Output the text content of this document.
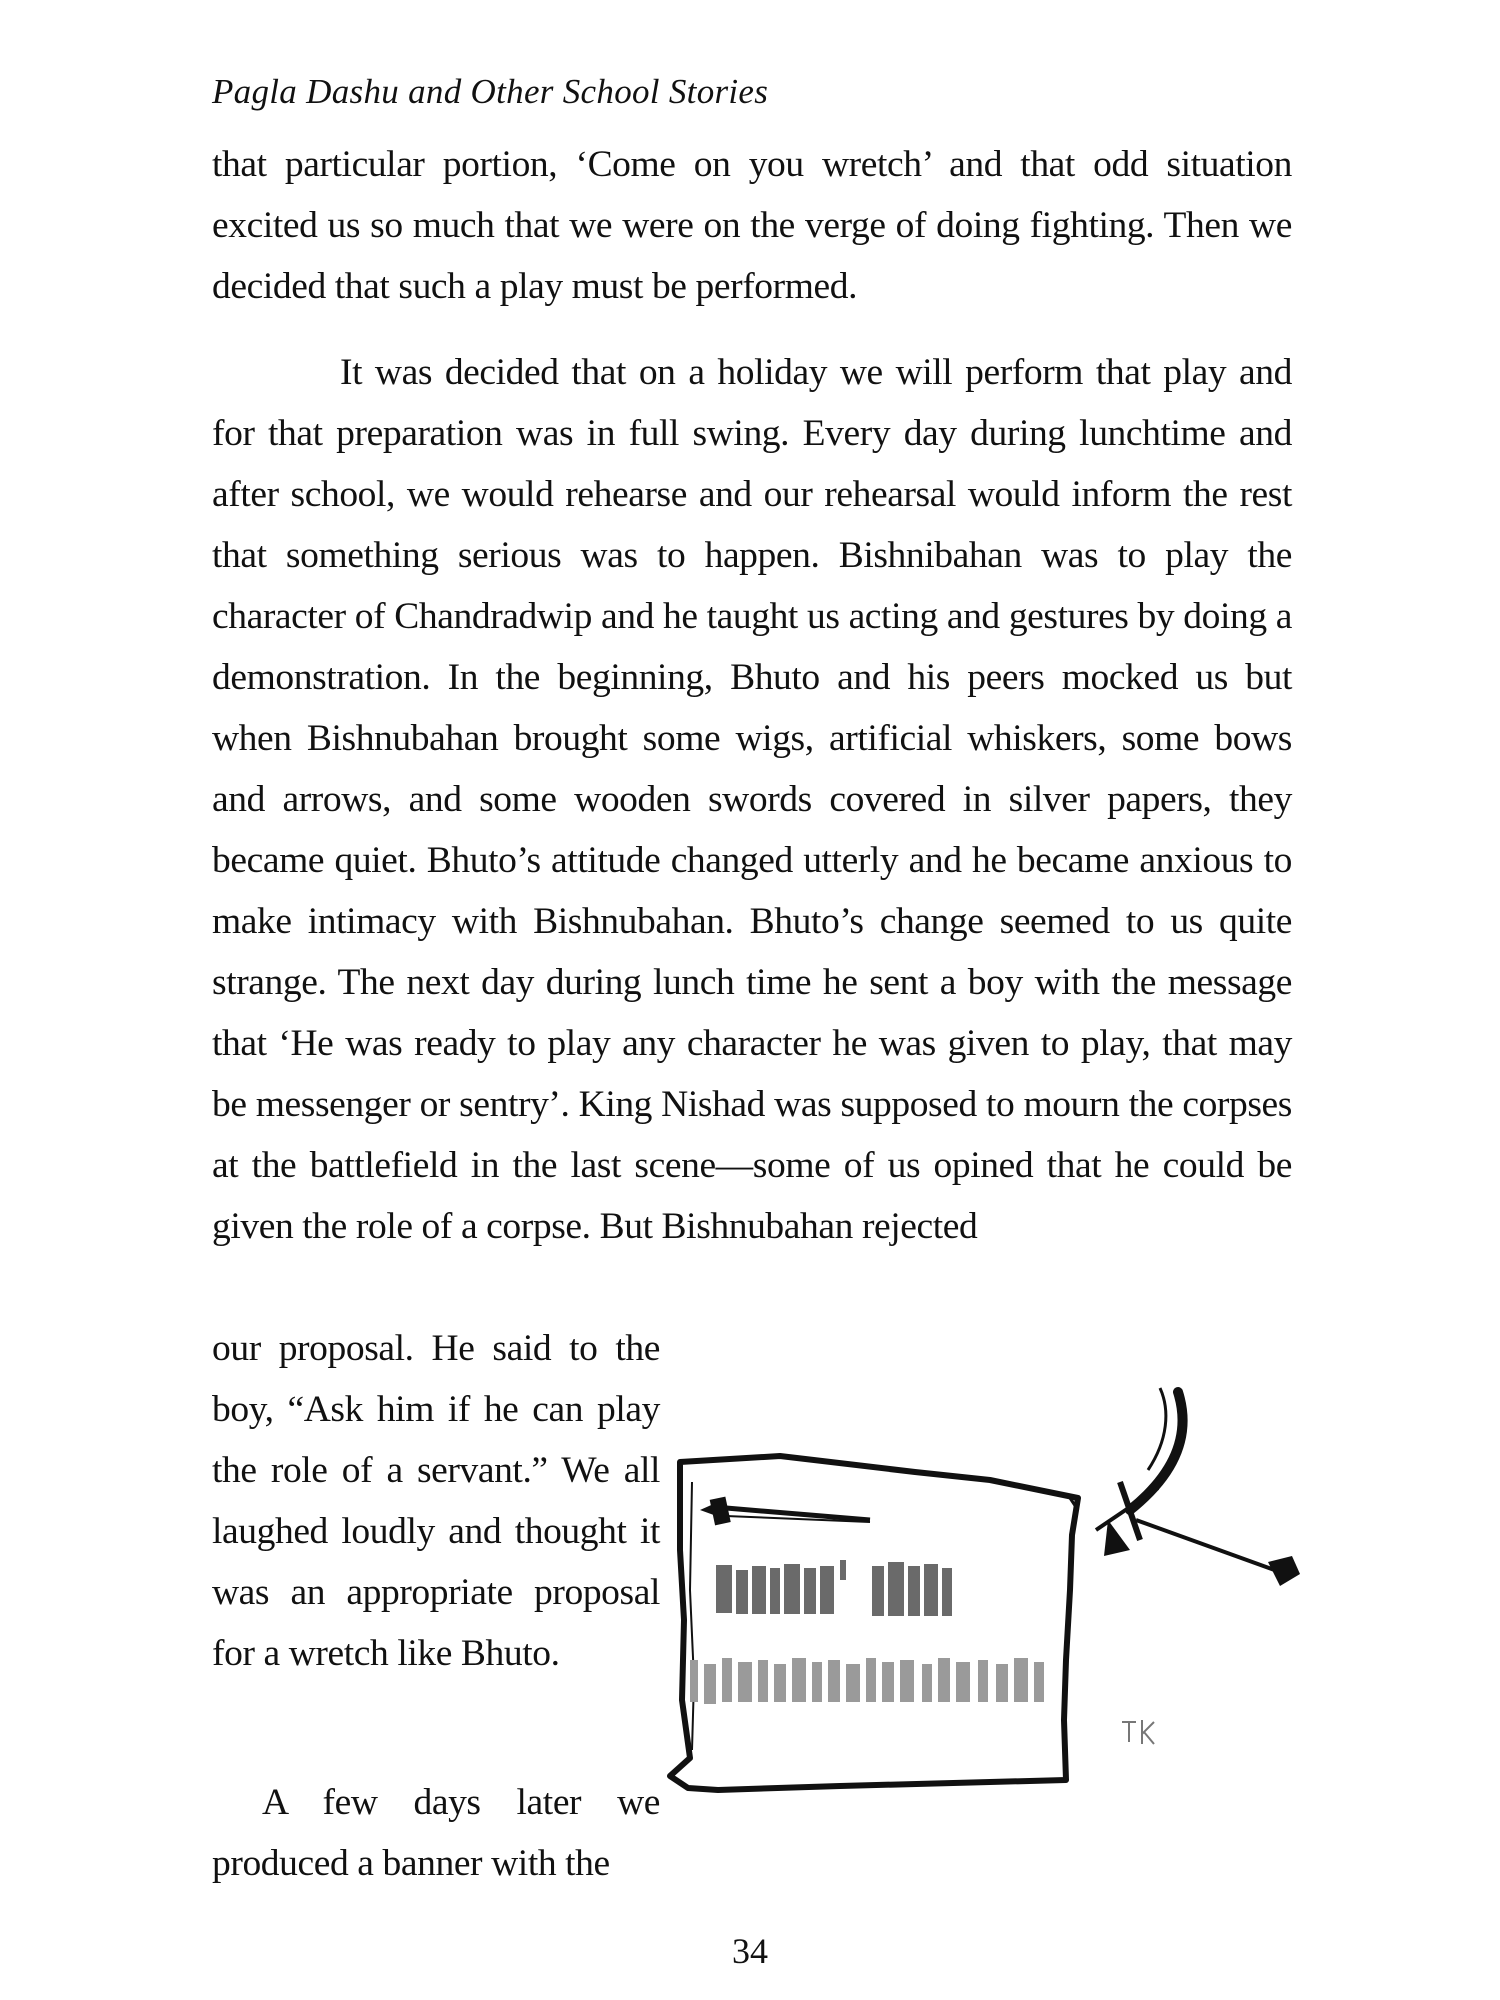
Pagla Dashu and Other School Stories
that particular portion, ‘Come on you wretch’ and that odd situation excited us so much that we were on the verge of doing fighting. Then we decided that such a play must be performed.
It was decided that on a holiday we will perform that play and for that preparation was in full swing. Every day during lunchtime and after school, we would rehearse and our rehearsal would inform the rest that something serious was to happen. Bishnibahan was to play the character of Chandradwip and he taught us acting and gestures by doing a demonstration. In the beginning, Bhuto and his peers mocked us but when Bishnubahan brought some wigs, artificial whiskers, some bows and arrows, and some wooden swords covered in silver papers, they became quiet. Bhuto’s attitude changed utterly and he became anxious to make intimacy with Bishnubahan. Bhuto’s change seemed to us quite strange. The next day during lunch time he sent a boy with the message that ‘He was ready to play any character he was given to play, that may be messenger or sentry’. King Nishad was supposed to mourn the corpses at the battlefield in the last scene—some of us opined that he could be given the role of a corpse. But Bishnubahan rejected
our proposal. He said to the boy, “Ask him if he can play the role of a servant.” We all laughed loudly and thought it was an appropriate proposal for a wretch like Bhuto.
A few days later we produced a banner with the
34
